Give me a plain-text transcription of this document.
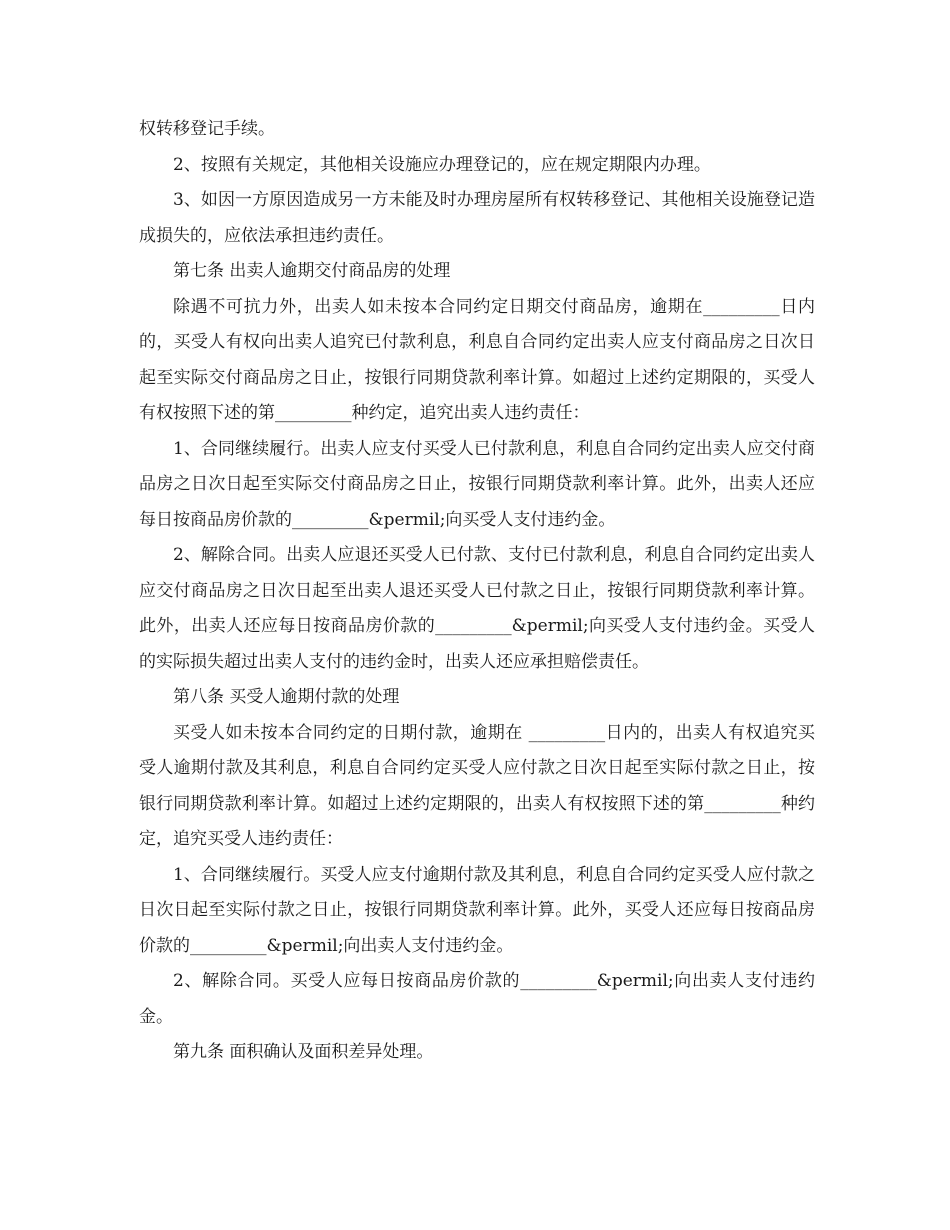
权转移登记手续。

2、按照有关规定，其他相关设施应办理登记的，应在规定期限内办理。

3、如因一方原因造成另一方未能及时办理房屋所有权转移登记、其他相关设施登记造成损失的，应依法承担违约责任。

第七条 出卖人逾期交付商品房的处理

除遇不可抗力外，出卖人如未按本合同约定日期交付商品房，逾期在_________日内的，买受人有权向出卖人追究已付款利息，利息自合同约定出卖人应支付商品房之日次日起至实际交付商品房之日止，按银行同期贷款利率计算。如超过上述约定期限的，买受人有权按照下述的第_________种约定，追究出卖人违约责任：

1、合同继续履行。出卖人应支付买受人已付款利息，利息自合同约定出卖人应交付商品房之日次日起至实际交付商品房之日止，按银行同期贷款利率计算。此外，出卖人还应每日按商品房价款的_________&permil;向买受人支付违约金。

2、解除合同。出卖人应退还买受人已付款、支付已付款利息，利息自合同约定出卖人应交付商品房之日次日起至出卖人退还买受人已付款之日止，按银行同期贷款利率计算。此外，出卖人还应每日按商品房价款的_________&permil;向买受人支付违约金。买受人的实际损失超过出卖人支付的违约金时，出卖人还应承担赔偿责任。

第八条 买受人逾期付款的处理

买受人如未按本合同约定的日期付款，逾期在 _________日内的，出卖人有权追究买受人逾期付款及其利息，利息自合同约定买受人应付款之日次日起至实际付款之日止，按银行同期贷款利率计算。如超过上述约定期限的，出卖人有权按照下述的第_________种约定，追究买受人违约责任：

1、合同继续履行。买受人应支付逾期付款及其利息，利息自合同约定买受人应付款之日次日起至实际付款之日止，按银行同期贷款利率计算。此外，买受人还应每日按商品房价款的_________&permil;向出卖人支付违约金。

2、解除合同。买受人应每日按商品房价款的_________&permil;向出卖人支付违约金。

第九条 面积确认及面积差异处理。
